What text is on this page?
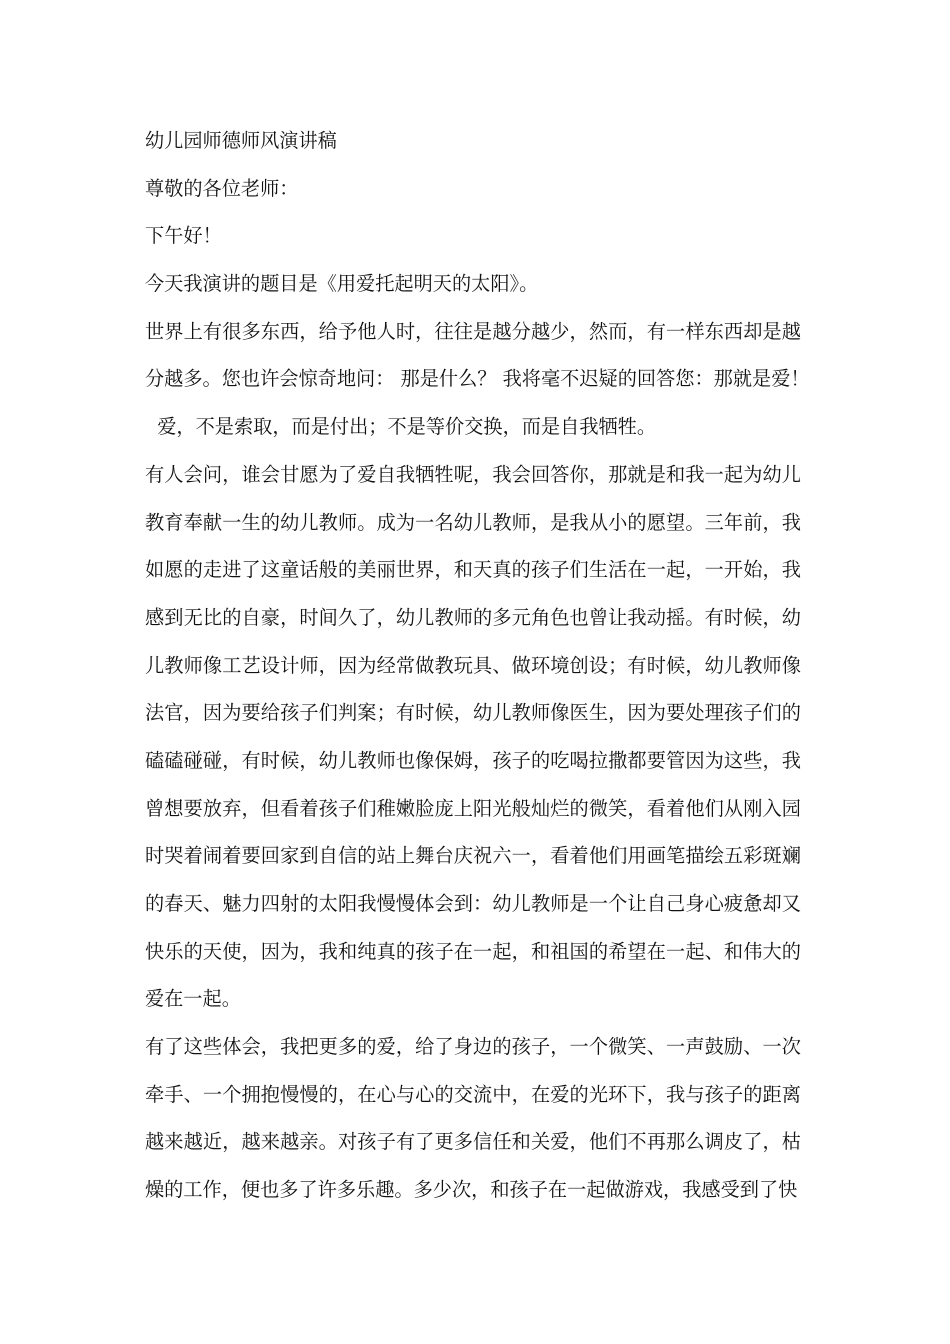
幼儿园师德师风演讲稿
尊敬的各位老师：
下午好！
今天我演讲的题目是《用爱托起明天的太阳》。
世界上有很多东西，给予他人时，往往是越分越少，然而，有一样东西却是越
分越多。您也许会惊奇地问： 那是什么？ 我将毫不迟疑的回答您：那就是爱！
爱，不是索取，而是付出；不是等价交换，而是自我牺牲。
有人会问，谁会甘愿为了爱自我牺牲呢，我会回答你，那就是和我一起为幼儿
教育奉献一生的幼儿教师。成为一名幼儿教师，是我从小的愿望。三年前，我
如愿的走进了这童话般的美丽世界，和天真的孩子们生活在一起，一开始，我
感到无比的自豪，时间久了，幼儿教师的多元角色也曾让我动摇。有时候，幼
儿教师像工艺设计师，因为经常做教玩具、做环境创设；有时候，幼儿教师像
法官，因为要给孩子们判案；有时候，幼儿教师像医生，因为要处理孩子们的
磕磕碰碰，有时候，幼儿教师也像保姆，孩子的吃喝拉撒都要管因为这些，我
曾想要放弃，但看着孩子们稚嫩脸庞上阳光般灿烂的微笑，看着他们从刚入园
时哭着闹着要回家到自信的站上舞台庆祝六一，看着他们用画笔描绘五彩斑斓
的春天、魅力四射的太阳我慢慢体会到：幼儿教师是一个让自己身心疲惫却又
快乐的天使，因为，我和纯真的孩子在一起，和祖国的希望在一起、和伟大的
爱在一起。
有了这些体会，我把更多的爱，给了身边的孩子，一个微笑、一声鼓励、一次
牵手、一个拥抱慢慢的，在心与心的交流中，在爱的光环下，我与孩子的距离
越来越近，越来越亲。对孩子有了更多信任和关爱，他们不再那么调皮了，枯
燥的工作，便也多了许多乐趣。多少次，和孩子在一起做游戏，我感受到了快
